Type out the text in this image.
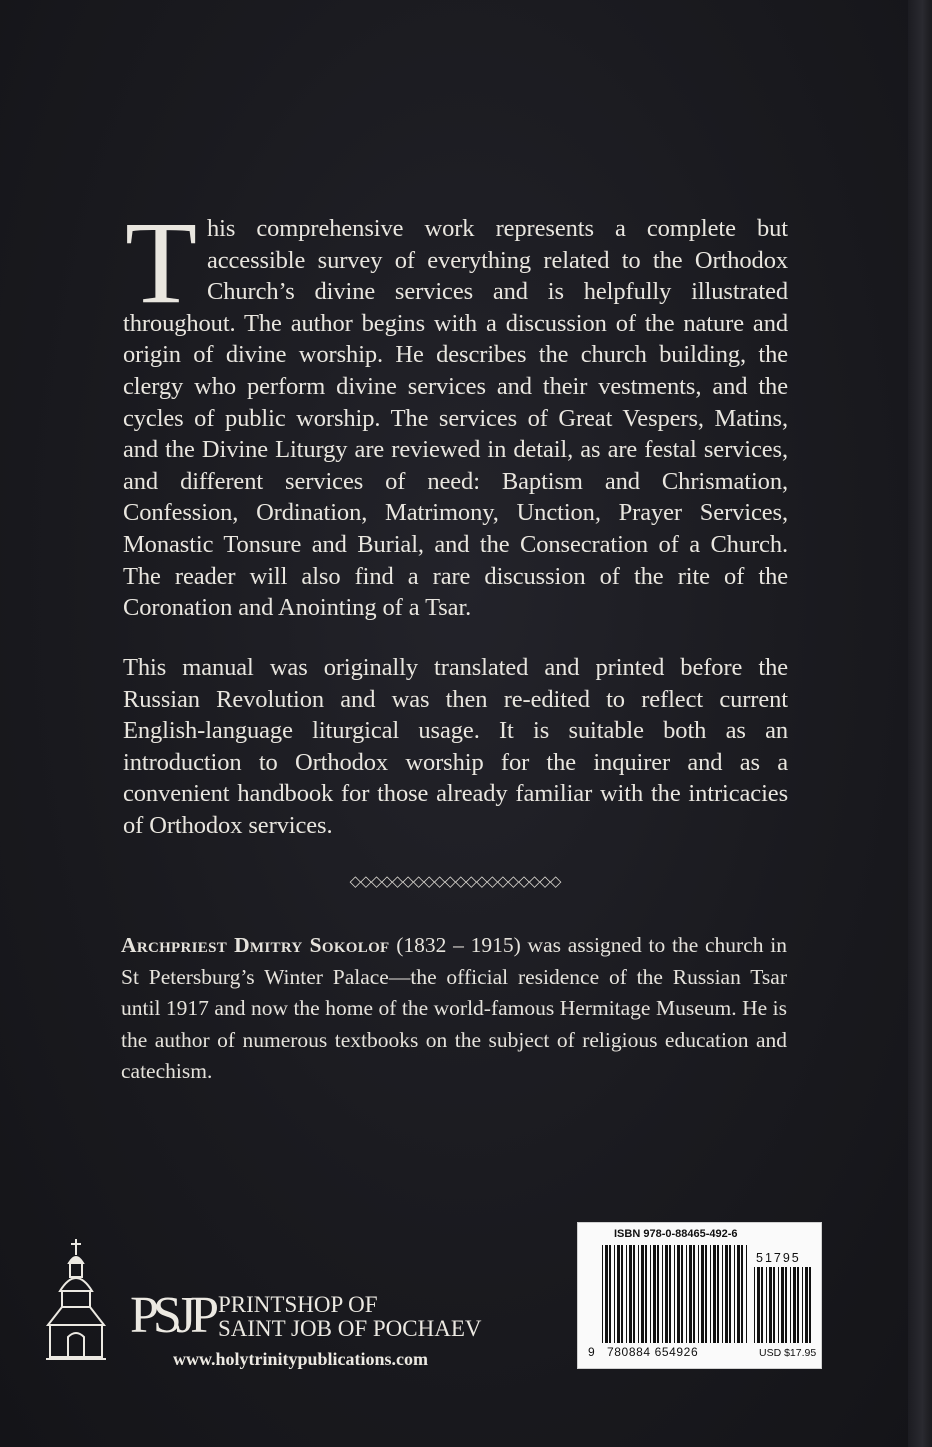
T his comprehensive work represents a complete but accessible survey of everything related to the Orthodox Church’s divine services and is helpfully illustrated throughout. The author begins with a discussion of the nature and origin of divine worship. He describes the church building, the clergy who perform divine services and their vestments, and the cycles of public worship. The services of Great Vespers, Matins, and the Divine Liturgy are reviewed in detail, as are festal services, and different services of need: Baptism and Chrismation, Confession, Ordination, Matrimony, Unction, Prayer Services, Monastic Tonsure and Burial, and the Consecration of a Church. The reader will also find a rare discussion of the rite of the Coronation and Anointing of a Tsar.
This manual was originally translated and printed before the Russian Revolution and was then re-edited to reflect current English-language liturgical usage. It is suitable both as an introduction to Orthodox worship for the inquirer and as a convenient handbook for those already familiar with the intricacies of Orthodox services.
◇◇◇◇◇◇◇◇◇◇◇◇◇◇◇◇◇◇◇◇
Archpriest Dmitry Sokolof (1832 – 1915) was assigned to the church in St Petersburg’s Winter Palace—the official residence of the Russian Tsar until 1917 and now the home of the world-famous Hermitage Museum. He is the author of numerous textbooks on the subject of religious education and catechism.
PSJP PRINTSHOP OF
SAINT JOB OF POCHAEV
www.holytrinitypublications.com
ISBN 978-0-88465-492-6
51795
9 780884 654926	USD $17.95
